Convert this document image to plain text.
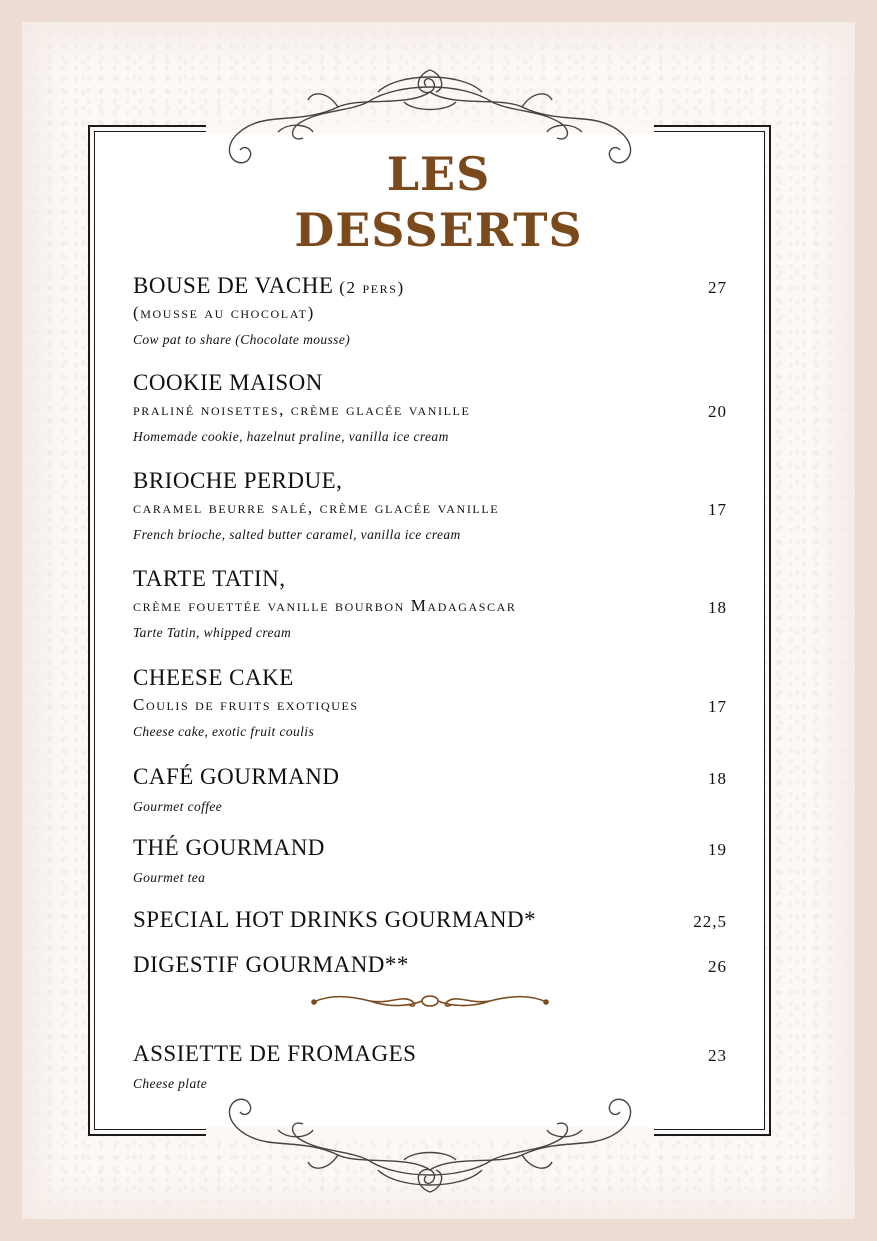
LES
DESSERTS
BOUSE DE VACHE (2 pers)
(mousse au chocolat)
Cow pat to share (Chocolate mousse)
27
COOKIE MAISON
praliné noisettes, crème glacée vanille
Homemade cookie, hazelnut praline, vanilla ice cream
20
BRIOCHE PERDUE,
caramel beurre salé, crème glacée vanille
French brioche, salted butter caramel, vanilla ice cream
17
TARTE TATIN,
crème fouettée vanille bourbon Madagascar
Tarte Tatin, whipped cream
18
CHEESE CAKE
Coulis de fruits exotiques
Cheese cake, exotic fruit coulis
17
CAFÉ GOURMAND
Gourmet coffee
18
THÉ GOURMAND
Gourmet tea
19
SPECIAL HOT DRINKS GOURMAND*	22,5
DIGESTIF GOURMAND**	26
ASSIETTE DE FROMAGES
Cheese plate
23
